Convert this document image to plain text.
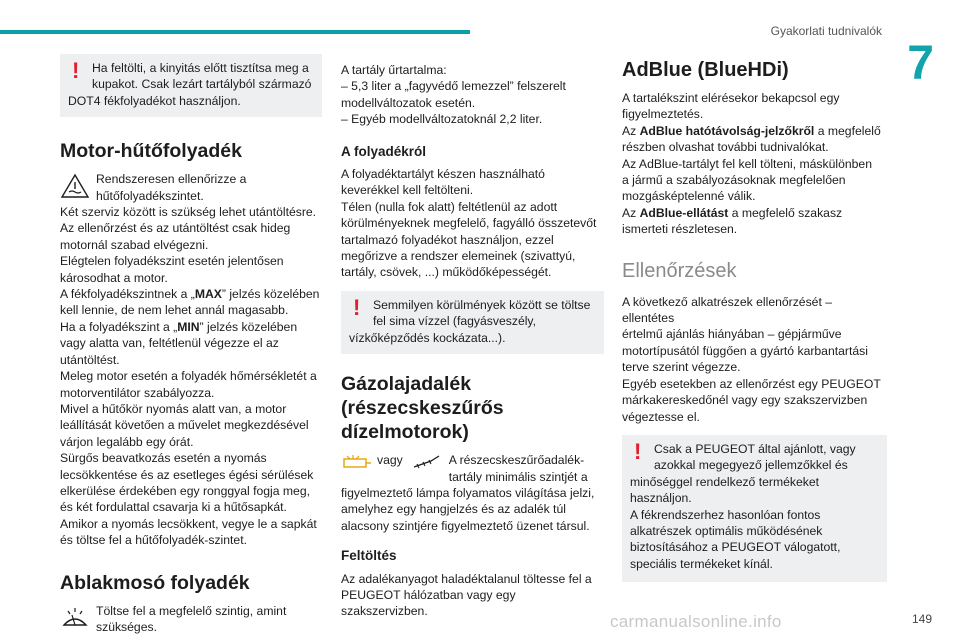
Gyakorlati tudnivalók
7
!	Ha feltölti, a kinyitás előtt tisztítsa meg a

kupakot. Csak lezárt tartályból származó

DOT4 fékfolyadékot használjon.

Motor-hűtőfolyadék

Rendszeresen ellenőrizze a

hűtőfolyadékszintet.

Két szerviz között is szükség lehet utántöltésre.

Az ellenőrzést és az utántöltést csak hideg

motornál szabad elvégezni.

Elégtelen folyadékszint esetén jelentősen

károsodhat a motor.

A fékfolyadékszintnek a „MAX” jelzés közelében

kell lennie, de nem lehet annál magasabb.

Ha a folyadékszint a „MIN” jelzés közelében

vagy alatta van, feltétlenül végezze el az

utántöltést.

Meleg motor esetén a folyadék hőmérsékletét a

motorventilátor szabályozza.

Mivel a hűtőkör nyomás alatt van, a motor

leállítását követően a művelet megkezdésével

várjon legalább egy órát.

Sürgős beavatkozás esetén a nyomás

lecsökkentése és az esetleges égési sérülések

elkerülése érdekében egy ronggyal fogja meg,

és két fordulattal csavarja ki a hűtősapkát.

Amikor a nyomás lecsökkent, vegye le a sapkát

és töltse fel a hűtőfolyadék-szintet.

Ablakmosó folyadék

Töltse fel a megfelelő szintig, amint

szükséges.

A tartály űrtartalma:

– 5,3 liter a „fagyvédő lemezzel” felszerelt

modellváltozatok esetén.

– Egyéb modellváltozatoknál 2,2 liter.

A folyadékról

A folyadéktartályt készen használható

keverékkel kell feltölteni.

Télen (nulla fok alatt) feltétlenül az adott

körülményeknek megfelelő, fagyálló összetevőt

tartalmazó folyadékot használjon, ezzel

megőrizve a rendszer elemeinek (szivattyú,

tartály, csövek, ...) működőképességét.

!	Semmilyen körülmények között se töltse

fel sima vízzel (fagyásveszély,

vízkőképződés kockázata...).

Gázolajadalék
(részecskeszűrős
dízelmotorok)
vagy	A részecskeszűrőadalék-

tartály minimális szintjét a

figyelmeztető lámpa folyamatos világítása jelzi,

amelyhez egy hangjelzés és az adalék túl

alacsony szintjére figyelmeztető üzenet társul.

Feltöltés

Az adalékanyagot haladéktalanul töltesse fel a

PEUGEOT hálózatban vagy egy szakszervizben.

AdBlue (BlueHDi)

A tartalékszint elérésekor bekapcsol egy

figyelmeztetés.

Az AdBlue hatótávolság-jelzőkről a megfelelő

részben olvashat további tudnivalókat.

Az AdBlue-tartályt fel kell tölteni, máskülönben

a jármű a szabályozásoknak megfelelően

mozgásképtelenné válik.

Az AdBlue-ellátást a megfelelő szakasz

ismerteti részletesen.

Ellenőrzések

A következő alkatrészek ellenőrzését – ellentétes

értelmű ajánlás hiányában – gépjárműve

motortípusától függően a gyártó karbantartási

terve szerint végezze.

Egyéb esetekben az ellenőrzést egy PEUGEOT

márkakereskedőnél vagy egy szakszervizben

végeztesse el.

!	Csak a PEUGEOT által ajánlott, vagy

azokkal megegyező jellemzőkkel és

minőséggel rendelkező termékeket

használjon.

A fékrendszerhez hasonlóan fontos

alkatrészek optimális működésének

biztosításához a PEUGEOT válogatott,

speciális termékeket kínál.

carmanualsonline.info	149
